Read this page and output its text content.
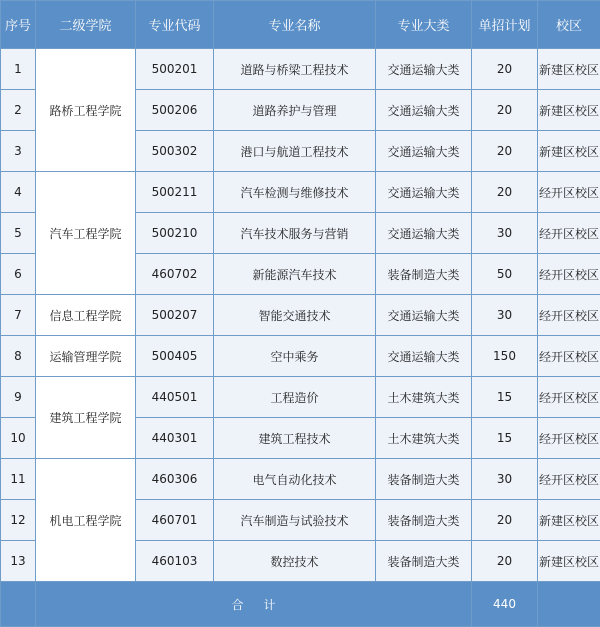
序号	二级学院	专业代码	专业名称	专业大类	单招计划	校区
1	路桥工程学院	500201	道路与桥梁工程技术	交通运输大类	20	新建区校区
2		500206	道路养护与管理	交通运输大类	20	新建区校区
3		500302	港口与航道工程技术	交通运输大类	20	新建区校区
4	汽车工程学院	500211	汽车检测与维修技术	交通运输大类	20	经开区校区
5		500210	汽车技术服务与营销	交通运输大类	30	经开区校区
6		460702	新能源汽车技术	装备制造大类	50	经开区校区
7	信息工程学院	500207	智能交通技术	交通运输大类	30	经开区校区
8	运输管理学院	500405	空中乘务	交通运输大类	150	经开区校区
9	建筑工程学院	440501	工程造价	土木建筑大类	15	经开区校区
10		440301	建筑工程技术	土木建筑大类	15	经开区校区
11	机电工程学院	460306	电气自动化技术	装备制造大类	30	经开区校区
12		460701	汽车制造与试验技术	装备制造大类	20	新建区校区
13		460103	数控技术	装备制造大类	20	新建区校区
	合计				440	
